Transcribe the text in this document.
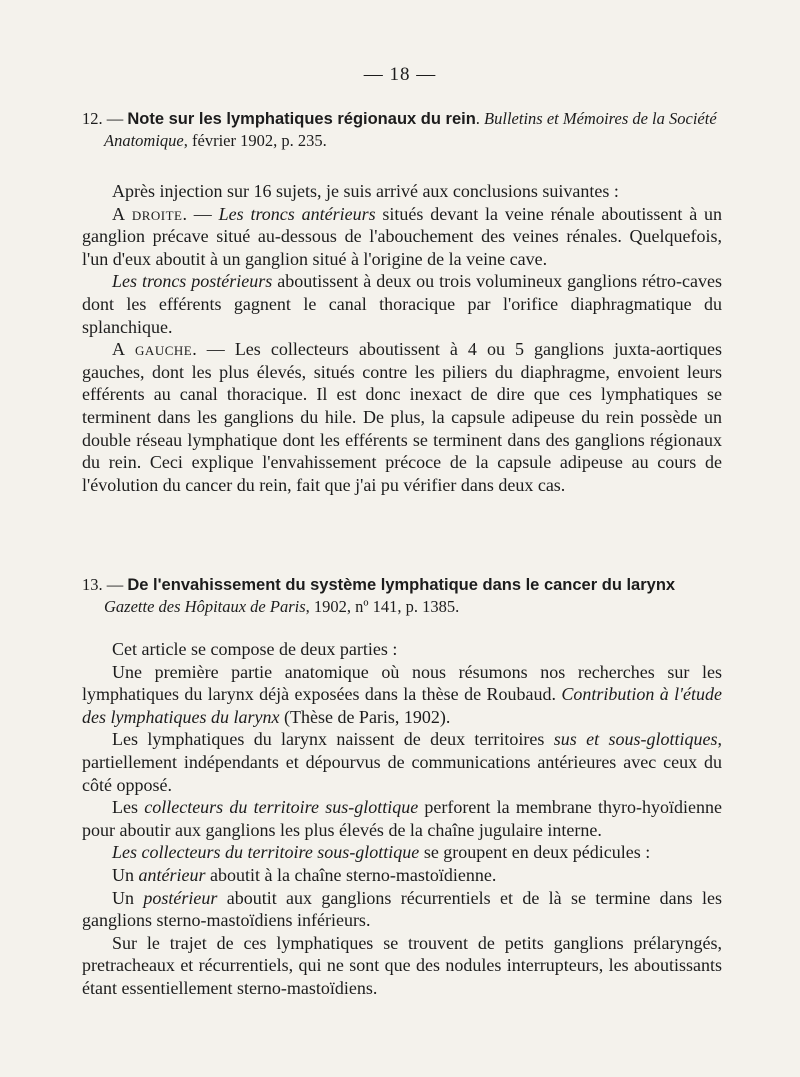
— 18 —

12. — Note sur les lymphatiques régionaux du rein. Bulletins et Mémoires de la Société Anatomique, février 1902, p. 235.

Après injection sur 16 sujets, je suis arrivé aux conclusions suivantes :

A droite. — Les troncs antérieurs situés devant la veine rénale aboutissent à un ganglion précave situé au-dessous de l'abouchement des veines rénales. Quelquefois, l'un d'eux aboutit à un ganglion situé à l'origine de la veine cave.

Les troncs postérieurs aboutissent à deux ou trois volumineux ganglions rétro-caves dont les efférents gagnent le canal thoracique par l'orifice diaphragmatique du splanchique.

A gauche. — Les collecteurs aboutissent à 4 ou 5 ganglions juxta-aortiques gauches, dont les plus élevés, situés contre les piliers du diaphragme, envoient leurs efférents au canal thoracique. Il est donc inexact de dire que ces lymphatiques se terminent dans les ganglions du hile. De plus, la capsule adipeuse du rein possède un double réseau lymphatique dont les efférents se terminent dans des ganglions régionaux du rein. Ceci explique l'envahissement précoce de la capsule adipeuse au cours de l'évolution du cancer du rein, fait que j'ai pu vérifier dans deux cas.

13. — De l'envahissement du système lymphatique dans le cancer du larynx Gazette des Hôpitaux de Paris, 1902, nº 141, p. 1385.

Cet article se compose de deux parties :

Une première partie anatomique où nous résumons nos recherches sur les lymphatiques du larynx déjà exposées dans la thèse de Roubaud. Contribution à l'étude des lymphatiques du larynx (Thèse de Paris, 1902).

Les lymphatiques du larynx naissent de deux territoires sus et sous-glottiques, partiellement indépendants et dépourvus de communications antérieures avec ceux du côté opposé.

Les collecteurs du territoire sus-glottique perforent la membrane thyro-hyoïdienne pour aboutir aux ganglions les plus élevés de la chaîne jugulaire interne.

Les collecteurs du territoire sous-glottique se groupent en deux pédicules :

Un antérieur aboutit à la chaîne sterno-mastoïdienne.

Un postérieur aboutit aux ganglions récurrentiels et de là se termine dans les ganglions sterno-mastoïdiens inférieurs.

Sur le trajet de ces lymphatiques se trouvent de petits ganglions prélaryngés, pretracheaux et récurrentiels, qui ne sont que des nodules interrupteurs, les aboutissants étant essentiellement sterno-mastoïdiens.
